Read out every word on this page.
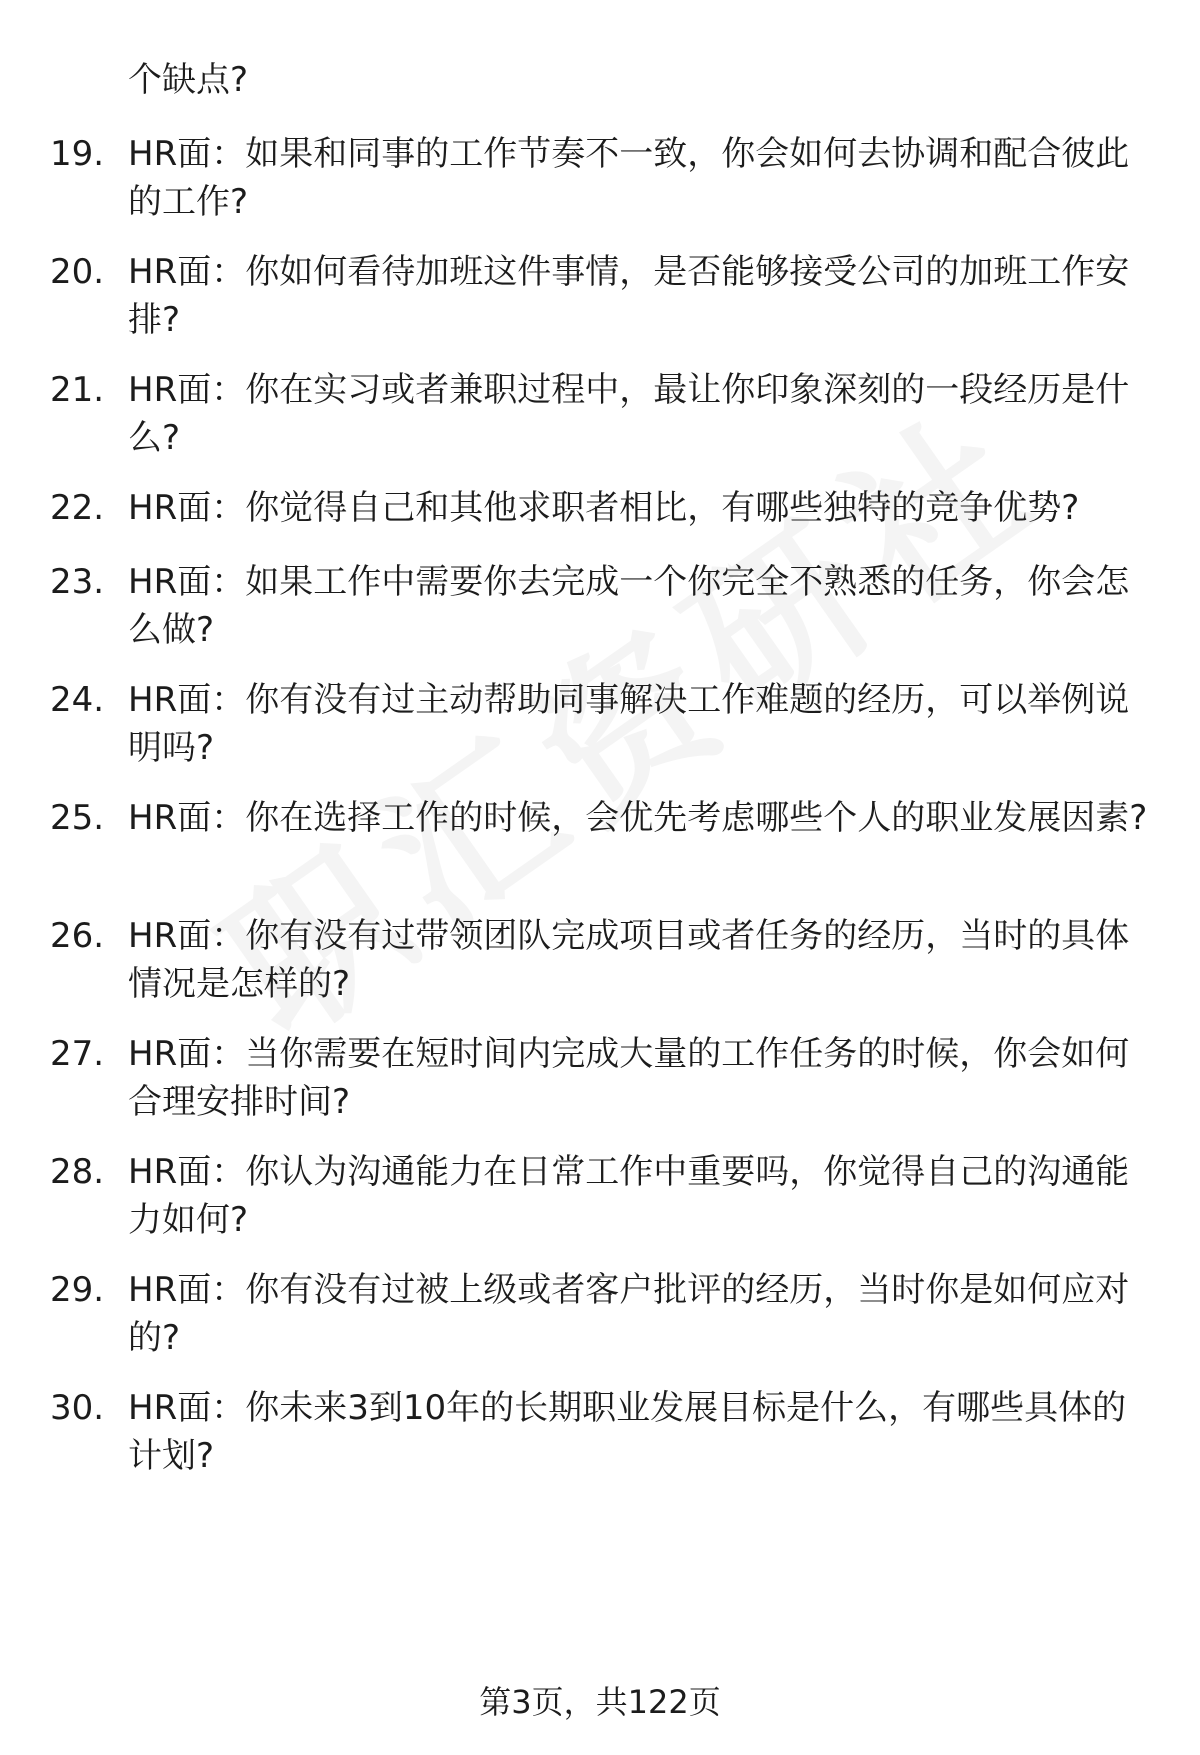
个缺点?
19. HR面：如果和同事的工作节奏不一致，你会如何去协调和配合彼此的工作?
20. HR面：你如何看待加班这件事情，是否能够接受公司的加班工作安排?
21. HR面：你在实习或者兼职过程中，最让你印象深刻的一段经历是什么?
22. HR面：你觉得自己和其他求职者相比，有哪些独特的竞争优势?
23. HR面：如果工作中需要你去完成一个你完全不熟悉的任务，你会怎么做?
24. HR面：你有没有过主动帮助同事解决工作难题的经历，可以举例说明吗?
25. HR面：你在选择工作的时候，会优先考虑哪些个人的职业发展因素?
26. HR面：你有没有过带领团队完成项目或者任务的经历，当时的具体情况是怎样的?
27. HR面：当你需要在短时间内完成大量的工作任务的时候，你会如何合理安排时间?
28. HR面：你认为沟通能力在日常工作中重要吗，你觉得自己的沟通能力如何?
29. HR面：你有没有过被上级或者客户批评的经历，当时你是如何应对的?
30. HR面：你未来3到10年的长期职业发展目标是什么，有哪些具体的计划?
第3页，共122页
